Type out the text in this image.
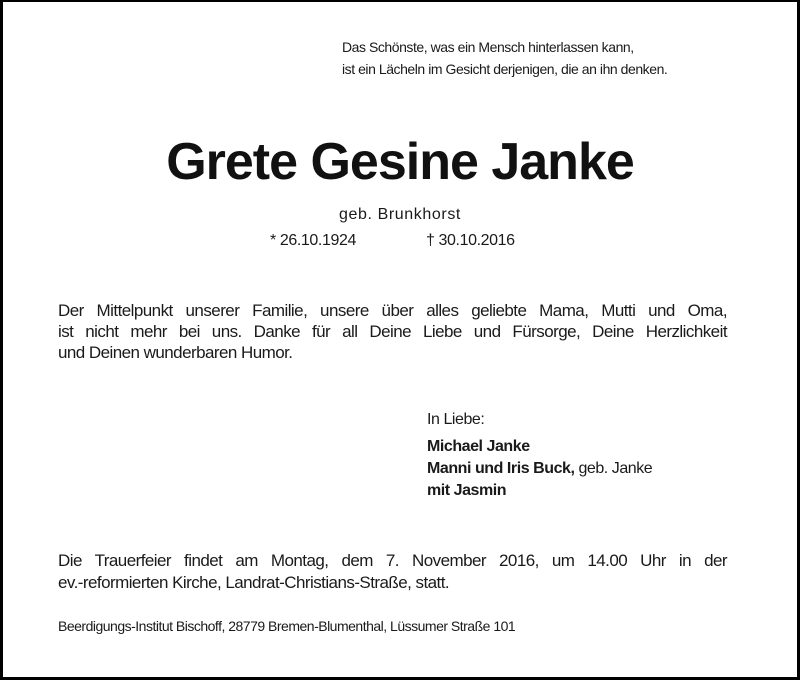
Das Schönste, was ein Mensch hinterlassen kann,
ist ein Lächeln im Gesicht derjenigen, die an ihn denken.
Grete Gesine Janke
geb. Brunkhorst
* 26.10.1924	† 30.10.2016
Der Mittelpunkt unserer Familie, unsere über alles geliebte Mama, Mutti und Oma,
ist nicht mehr bei uns. Danke für all Deine Liebe und Fürsorge, Deine Herzlichkeit
und Deinen wunderbaren Humor.
In Liebe:
Michael Janke
Manni und Iris Buck, geb. Janke
mit Jasmin
Die Trauerfeier findet am Montag, dem 7. November 2016, um 14.00 Uhr in der
ev.-reformierten Kirche, Landrat-Christians-Straße, statt.
Beerdigungs-Institut Bischoff, 28779 Bremen-Blumenthal, Lüssumer Straße 101
